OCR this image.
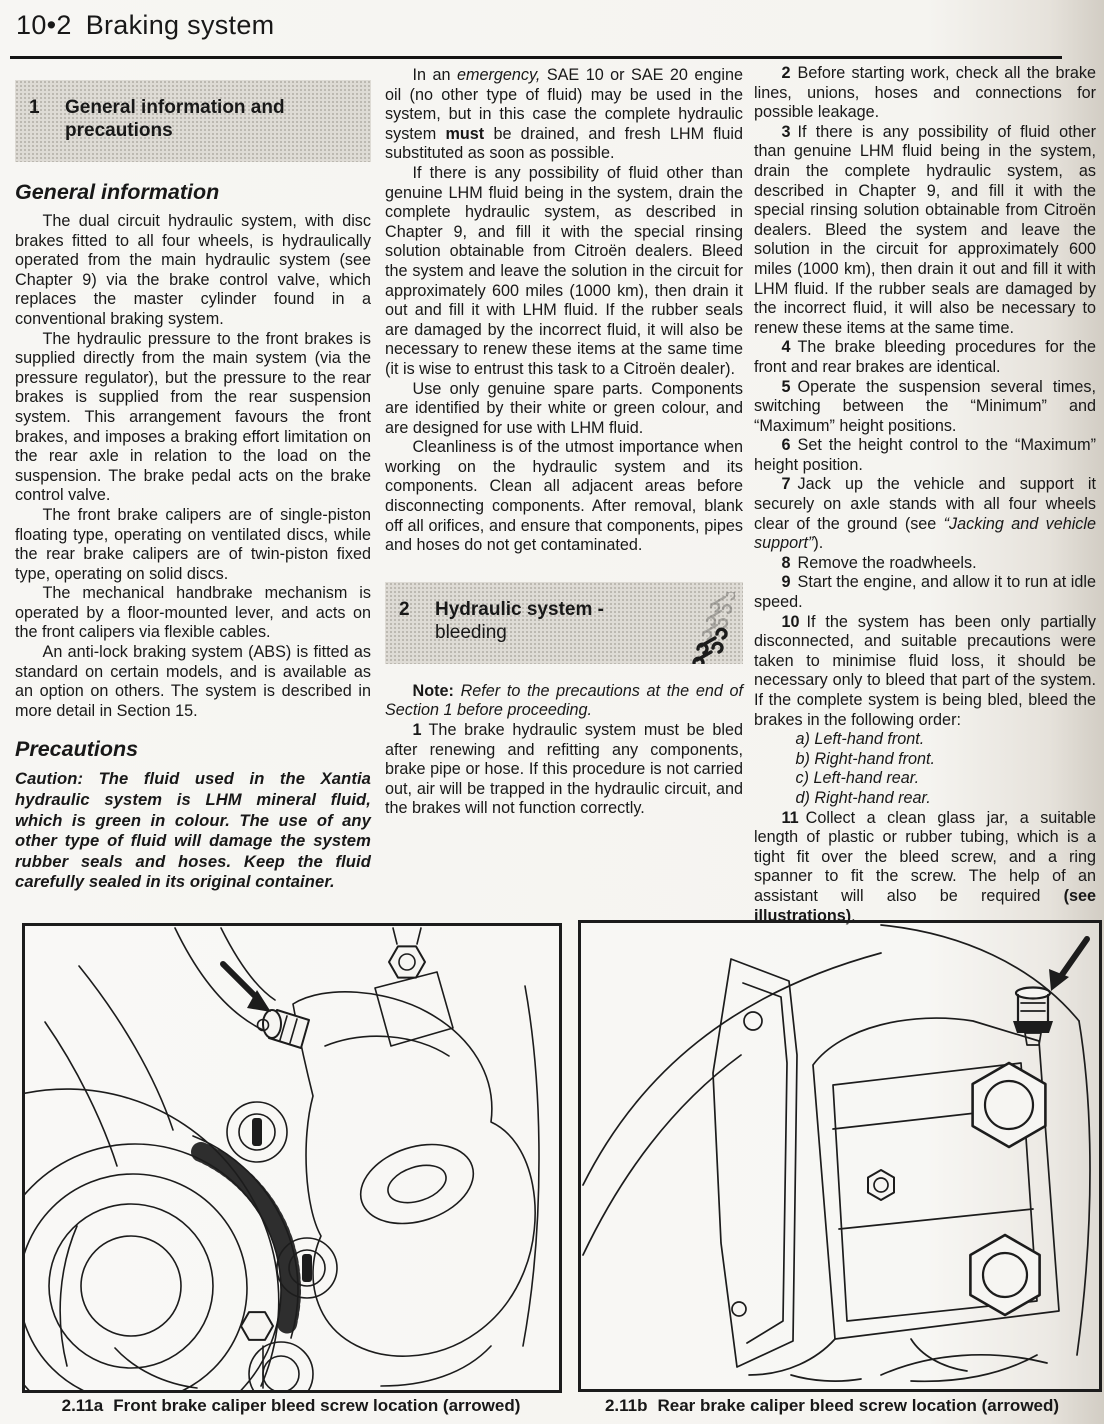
10•2 Braking system
1	General information and precautions
General information

The dual circuit hydraulic system, with disc brakes fitted to all four wheels, is hydraulically operated from the main hydraulic system (see Chapter 9) via the brake control valve, which replaces the master cylinder found in a conventional braking system.

The hydraulic pressure to the front brakes is supplied directly from the main system (via the pressure regulator), but the pressure to the rear brakes is supplied from the rear suspension system. This arrangement favours the front brakes, and imposes a braking effort limitation on the rear axle in relation to the load on the suspension. The brake pedal acts on the brake control valve.

The front brake calipers are of single-piston floating type, operating on ventilated discs, while the rear brake calipers are of twin-piston fixed type, operating on solid discs.

The mechanical handbrake mechanism is operated by a floor-mounted lever, and acts on the front calipers via flexible cables.

An anti-lock braking system (ABS) is fitted as standard on certain models, and is available as an option on others. The system is described in more detail in Section 15.

Precautions

Caution: The fluid used in the Xantia hydraulic system is LHM mineral fluid, which is green in colour. The use of any other type of fluid will damage the system rubber seals and hoses. Keep the fluid carefully sealed in its original container.

In an emergency, SAE 10 or SAE 20 engine oil (no other type of fluid) may be used in the system, but in this case the complete hydraulic system must be drained, and fresh LHM fluid substituted as soon as possible.

If there is any possibility of fluid other than genuine LHM fluid being in the system, drain the complete hydraulic system, as described in Chapter 9, and fill it with the special rinsing solution obtainable from Citroën dealers. Bleed the system and leave the solution in the circuit for approximately 600 miles (1000 km), then drain it out and fill it with LHM fluid. If the rubber seals are damaged by the incorrect fluid, it will also be necessary to renew these items at the same time (it is wise to entrust this task to a Citroën dealer).

Use only genuine spare parts. Components are identified by their white or green colour, and are designed for use with LHM fluid.

Cleanliness is of the utmost importance when working on the hydraulic system and its components. Clean all adjacent areas before disconnecting components. After removal, blank off all orifices, and ensure that components, pipes and hoses do not get contaminated.

2	Hydraulic system -
bleeding

Note: Refer to the precautions at the end of Section 1 before proceeding.

1 The brake hydraulic system must be bled after renewing and refitting any components, brake pipe or hose. If this procedure is not carried out, air will be trapped in the hydraulic circuit, and the brakes will not function correctly.

2 Before starting work, check all the brake lines, unions, hoses and connections for possible leakage.

3 If there is any possibility of fluid other than genuine LHM fluid being in the system, drain the complete hydraulic system, as described in Chapter 9, and fill it with the special rinsing solution obtainable from Citroën dealers. Bleed the system and leave the solution in the circuit for approximately 600 miles (1000 km), then drain it out and fill it with LHM fluid. If the rubber seals are damaged by the incorrect fluid, it will also be necessary to renew these items at the same time.

4 The brake bleeding procedures for the front and rear brakes are identical.

5 Operate the suspension several times, switching between the “Minimum” and “Maximum” height positions.

6 Set the height control to the “Maximum” height position.

7 Jack up the vehicle and support it securely on axle stands with all four wheels clear of the ground (see “Jacking and vehicle support”).

8 Remove the roadwheels.

9 Start the engine, and allow it to run at idle speed.

10 If the system has been only partially disconnected, and suitable precautions were taken to minimise fluid loss, it should be necessary only to bleed that part of the system. If the complete system is being bled, bleed the brakes in the following order:

a) Left-hand front.

b) Right-hand front.

c) Left-hand rear.

d) Right-hand rear.

11 Collect a clean glass jar, a suitable length of plastic or rubber tubing, which is a tight fit over the bleed screw, and a ring spanner to fit the screw. The help of an assistant will also be required (see illustrations).

2.11a Front brake caliper bleed screw location (arrowed)	2.11b Rear brake caliper bleed screw location (arrowed)
